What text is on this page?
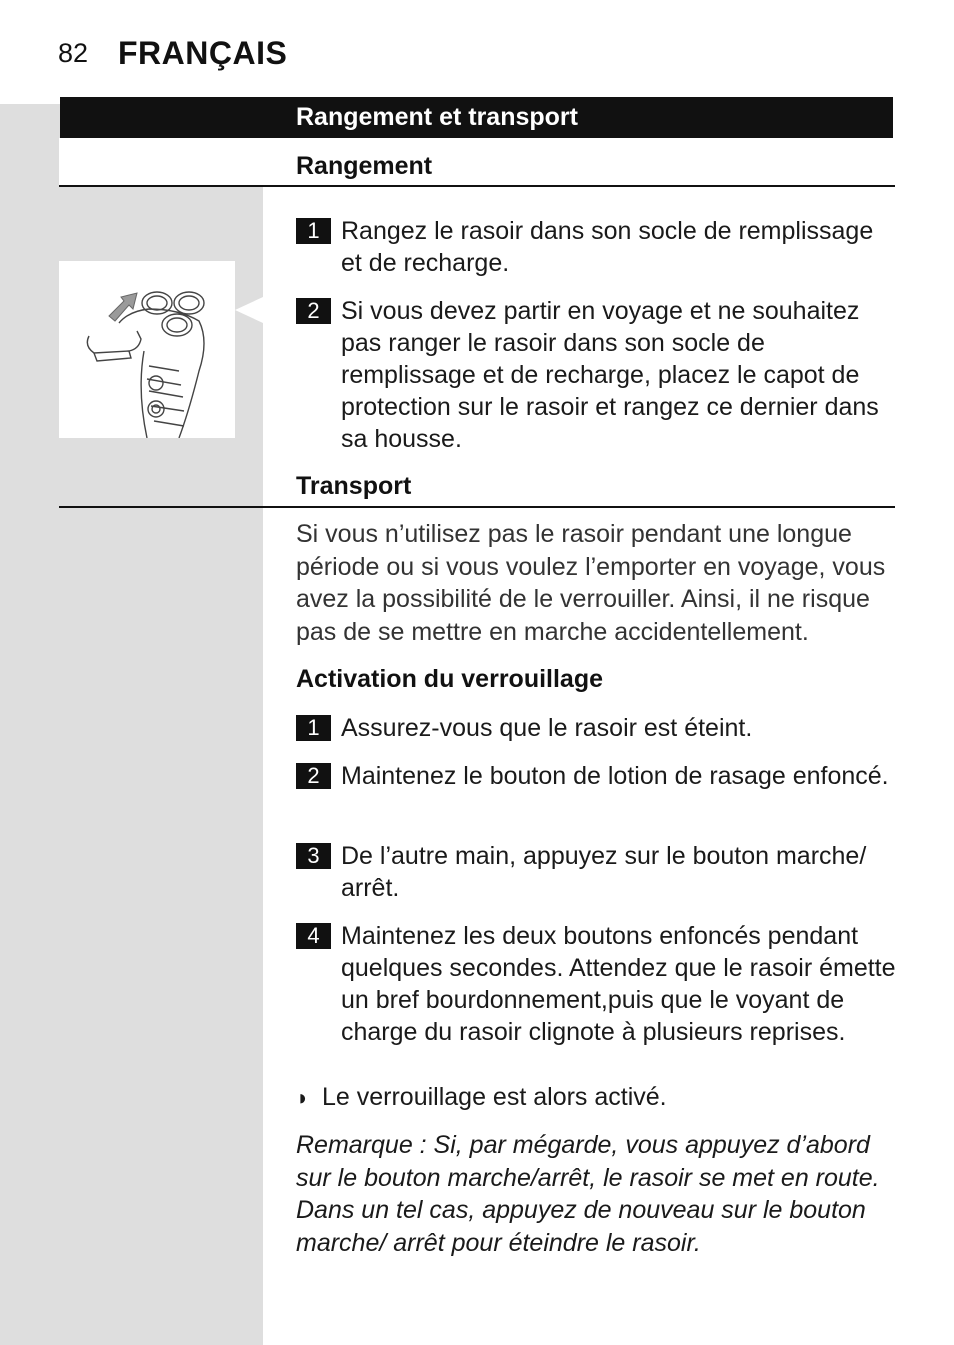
82 FRANÇAIS
Rangement et transport
Rangement
1 Rangez le rasoir dans son socle de remplissage et de recharge.
2 Si vous devez partir en voyage et ne souhaitez pas ranger le rasoir dans son socle de remplissage et de recharge, placez le capot de protection sur le rasoir et rangez ce dernier dans sa housse.
Transport
Si vous n’utilisez pas le rasoir pendant une longue période ou si vous voulez l’emporter en voyage, vous avez la possibilité de le verrouiller. Ainsi, il ne risque pas de se mettre en marche accidentellement.
Activation du verrouillage
1 Assurez-vous que le rasoir est éteint.
2 Maintenez le bouton de lotion de rasage enfoncé.
3 De l’autre main, appuyez sur le bouton marche/ arrêt.
4 Maintenez les deux boutons enfoncés pendant quelques secondes. Attendez que le rasoir émette un bref bourdonnement,puis que le voyant de charge du rasoir clignote à plusieurs reprises.
◗ Le verrouillage est alors activé.
Remarque : Si, par mégarde, vous appuyez d’abord sur le bouton marche/arrêt, le rasoir se met en route. Dans un tel cas, appuyez de nouveau sur le bouton marche/ arrêt pour éteindre le rasoir.
